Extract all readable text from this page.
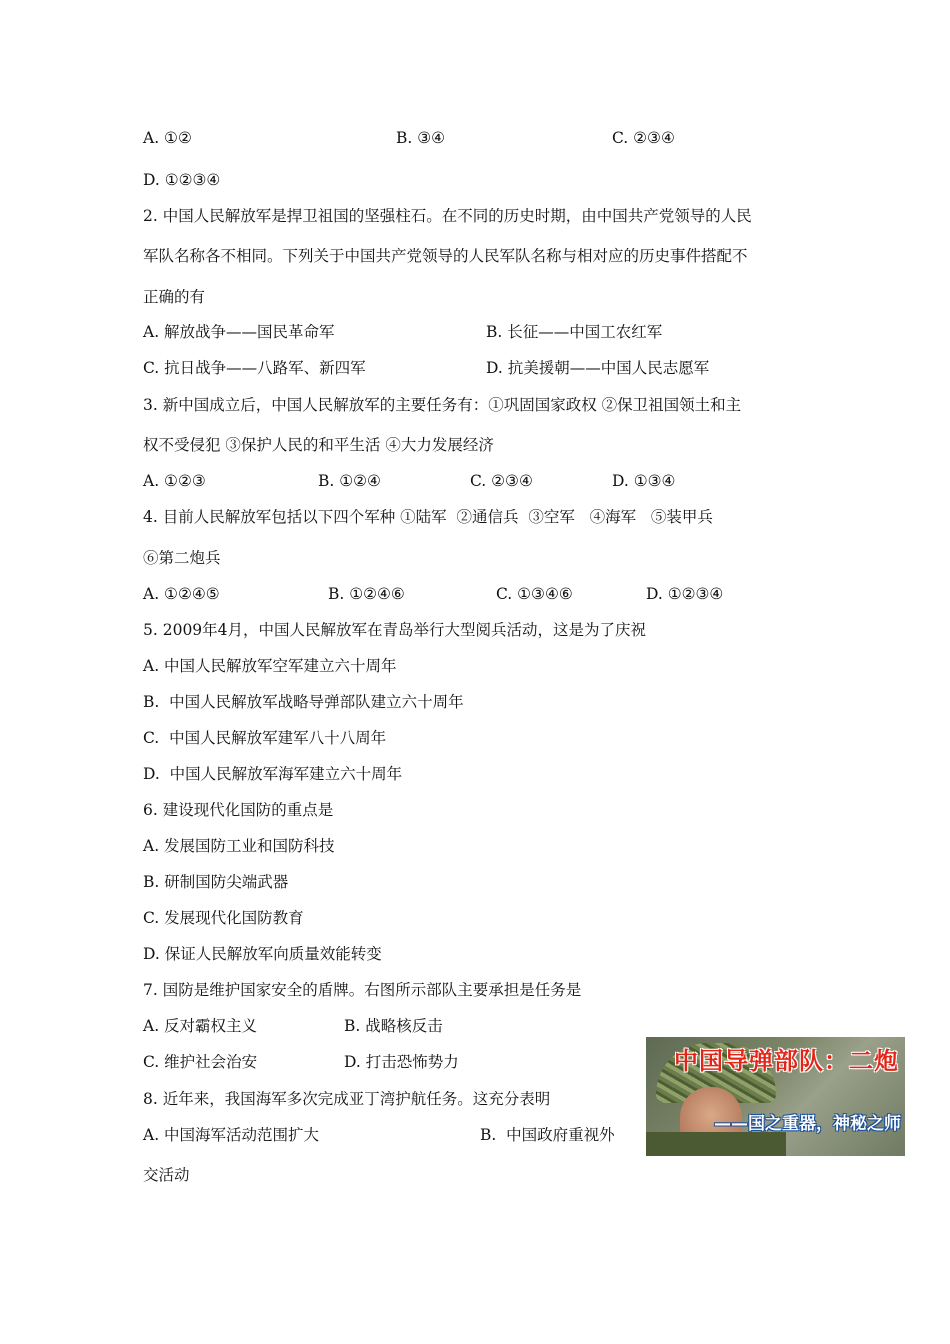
A. ①②	B. ③④	C. ②③④
D. ①②③④
2. 中国人民解放军是捍卫祖国的坚强柱石。在不同的历史时期，由中国共产党领导的人民
军队名称各不相同。下列关于中国共产党领导的人民军队名称与相对应的历史事件搭配不
正确的有
A. 解放战争——国民革命军	B. 长征——中国工农红军
C. 抗日战争——八路军、新四军	D. 抗美援朝——中国人民志愿军
3. 新中国成立后，中国人民解放军的主要任务有：①巩固国家政权 ②保卫祖国领土和主
权不受侵犯 ③保护人民的和平生活 ④大力发展经济
A. ①②③	B. ①②④	C. ②③④	D. ①③④
4. 目前人民解放军包括以下四个军种 ①陆军  ②通信兵  ③空军   ④海军   ⑤装甲兵
⑥第二炮兵
A. ①②④⑤	B. ①②④⑥	C. ①③④⑥	D. ①②③④
5. 2009年4月，中国人民解放军在青岛举行大型阅兵活动，这是为了庆祝
A. 中国人民解放军空军建立六十周年
B.  中国人民解放军战略导弹部队建立六十周年
C.  中国人民解放军建军八十八周年
D.  中国人民解放军海军建立六十周年
6. 建设现代化国防的重点是
A. 发展国防工业和国防科技
B. 研制国防尖端武器
C. 发展现代化国防教育
D. 保证人民解放军向质量效能转变
7. 国防是维护国家安全的盾牌。右图所示部队主要承担是任务是
A. 反对霸权主义	B. 战略核反击
C. 维护社会治安	D. 打击恐怖势力
8. 近年来，我国海军多次完成亚丁湾护航任务。这充分表明
A. 中国海军活动范围扩大	B.  中国政府重视外
交活动
中国导弹部队：二炮
——国之重器，神秘之师
